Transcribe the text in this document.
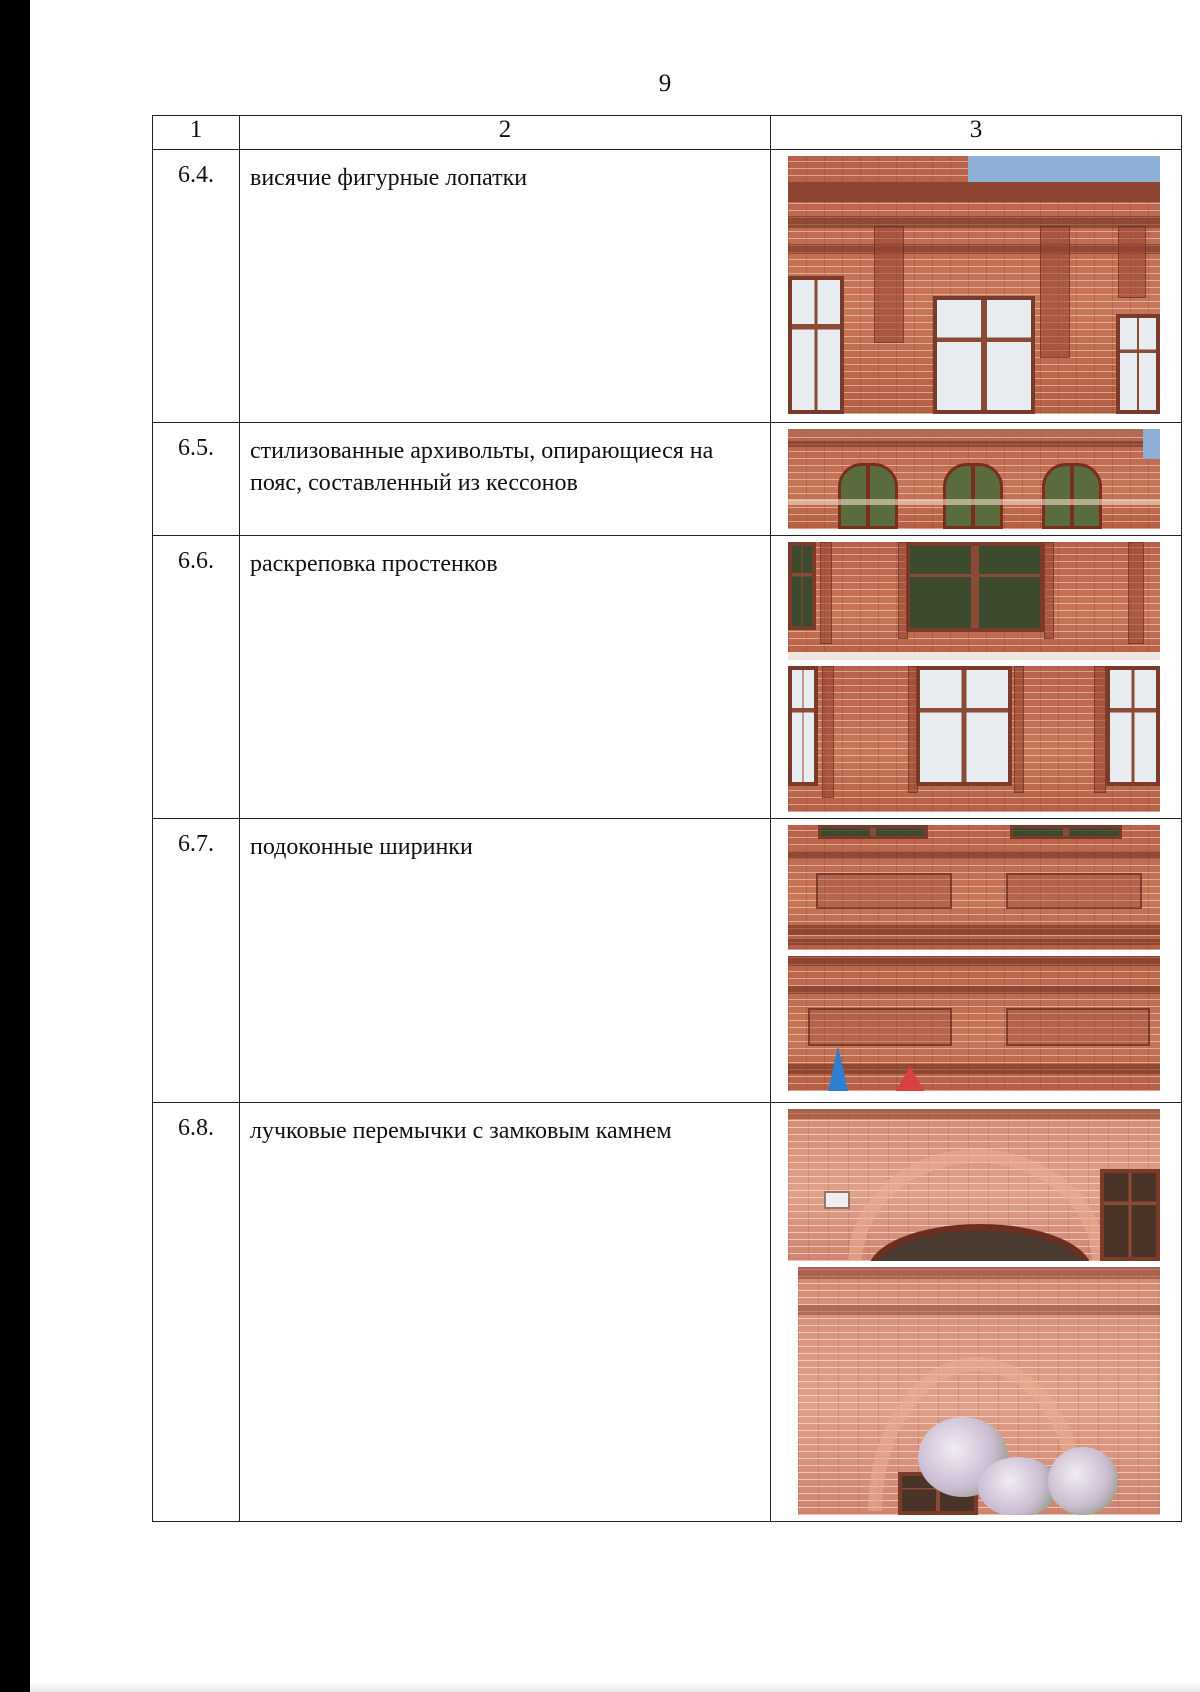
9
1	2	3

6.4.	висячие фигурные лопатки	

6.5.	стилизованные архивольты, опирающиеся на пояс, составленный из кессонов	

6.6.	раскреповка простенков	

6.7.	подоконные ширинки	

6.8.	лучковые перемычки с замковым камнем	
